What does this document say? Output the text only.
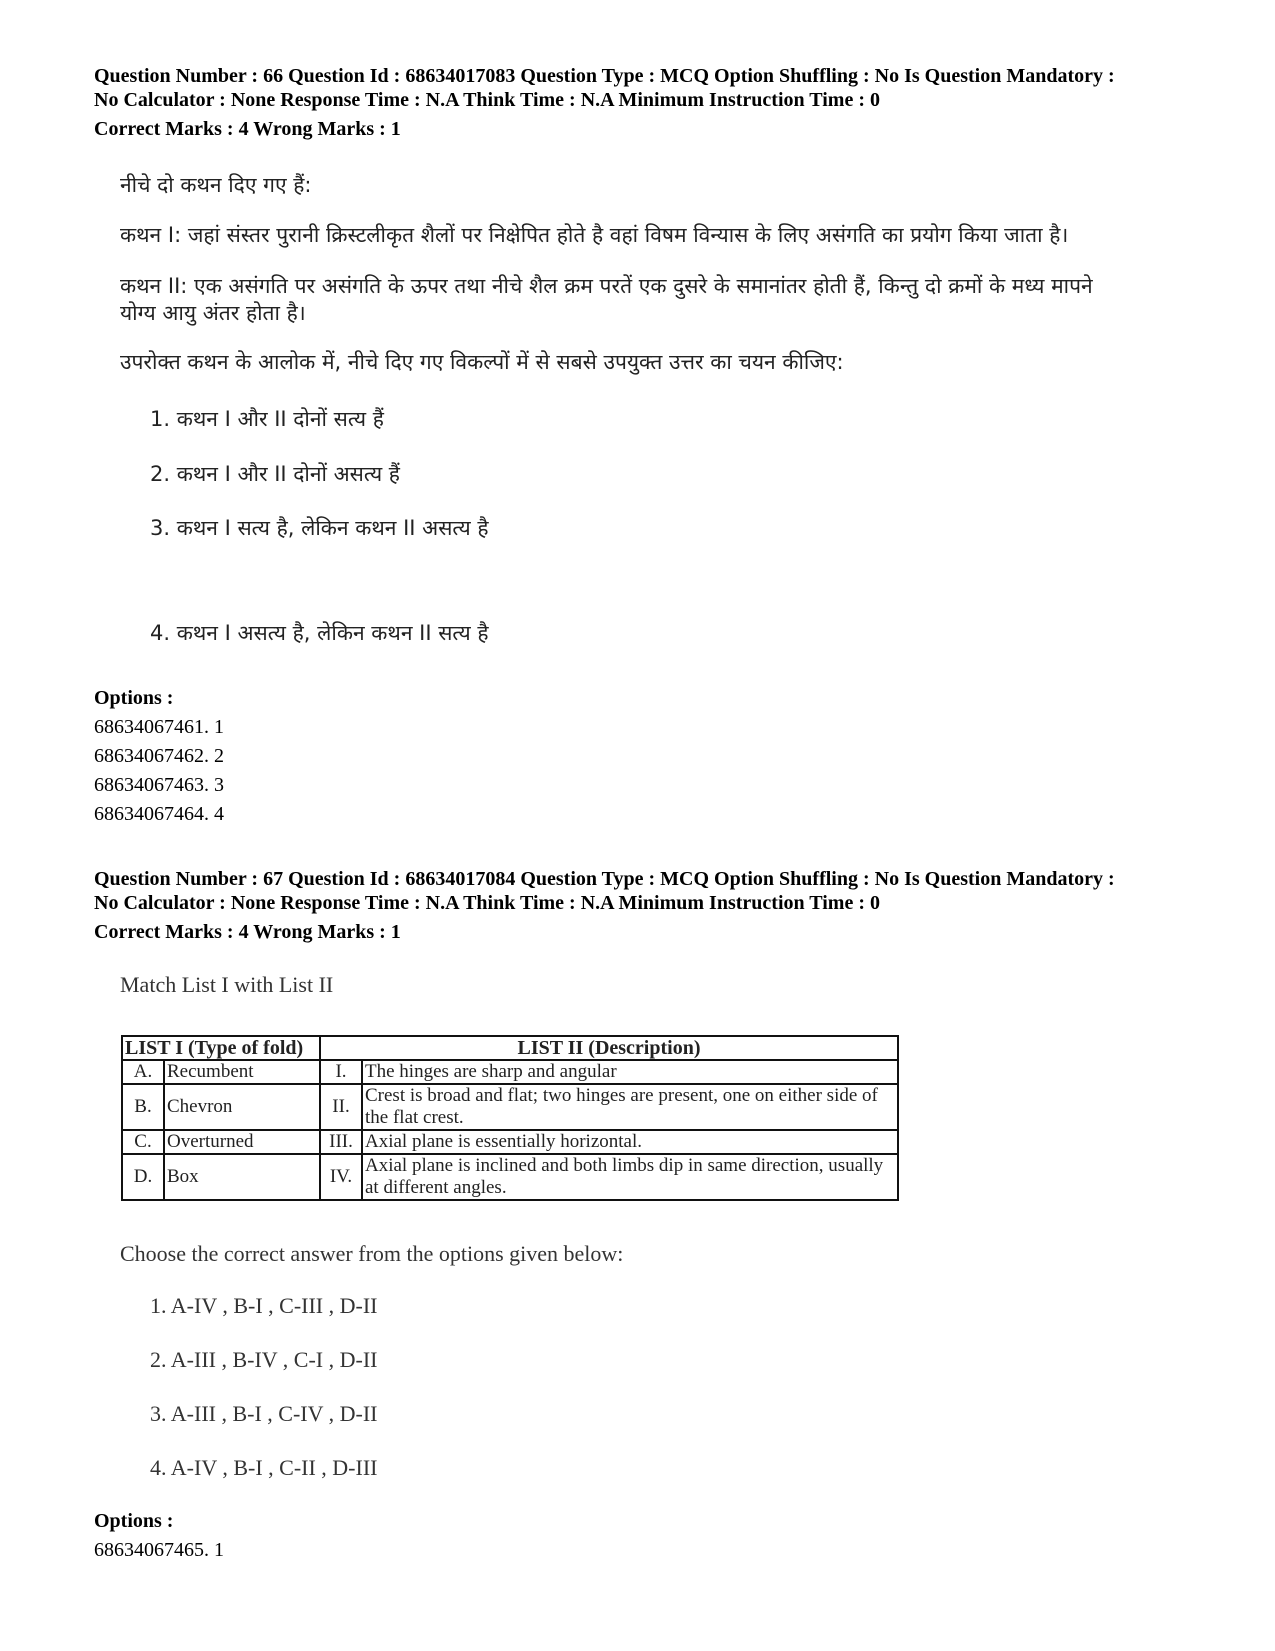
Question Number : 66 Question Id : 68634017083 Question Type : MCQ Option Shuffling : No Is Question Mandatory :
No Calculator : None Response Time : N.A Think Time : N.A Minimum Instruction Time : 0
Correct Marks : 4 Wrong Marks : 1
नीचे दो कथन दिए गए हैं:
कथन I: जहां संस्तर पुरानी क्रिस्टलीकृत शैलों पर निक्षेपित होते है वहां विषम विन्यास के लिए असंगति का प्रयोग किया जाता है।
कथन II: एक असंगति पर असंगति के ऊपर तथा नीचे शैल क्रम परतें एक दुसरे के समानांतर होती हैं, किन्तु दो क्रमों के मध्य मापने योग्य आयु अंतर होता है।
उपरोक्त कथन के आलोक में, नीचे दिए गए विकल्पों में से सबसे उपयुक्त उत्तर का चयन कीजिए:
1. कथन I और II दोनों सत्य हैं
2. कथन I और II दोनों असत्य हैं
3. कथन I सत्य है, लेकिन कथन II असत्य है
4. कथन I असत्य है, लेकिन कथन II सत्य है
Options :
68634067461. 1
68634067462. 2
68634067463. 3
68634067464. 4
Question Number : 67 Question Id : 68634017084 Question Type : MCQ Option Shuffling : No Is Question Mandatory :
No Calculator : None Response Time : N.A Think Time : N.A Minimum Instruction Time : 0
Correct Marks : 4 Wrong Marks : 1
Match List I with List II
LIST I (Type of fold)		LIST II (Description)	
A.	Recumbent	I.	The hinges are sharp and angular
B.	Chevron	II.	Crest is broad and flat; two hinges are present, one on either side of the flat crest.
C.	Overturned	III.	Axial plane is essentially horizontal.
D.	Box	IV.	Axial plane is inclined and both limbs dip in same direction, usually at different angles.
Choose the correct answer from the options given below:
1. A-IV , B-I , C-III , D-II
2. A-III , B-IV , C-I , D-II
3. A-III , B-I , C-IV , D-II
4. A-IV , B-I , C-II , D-III
Options :
68634067465. 1
